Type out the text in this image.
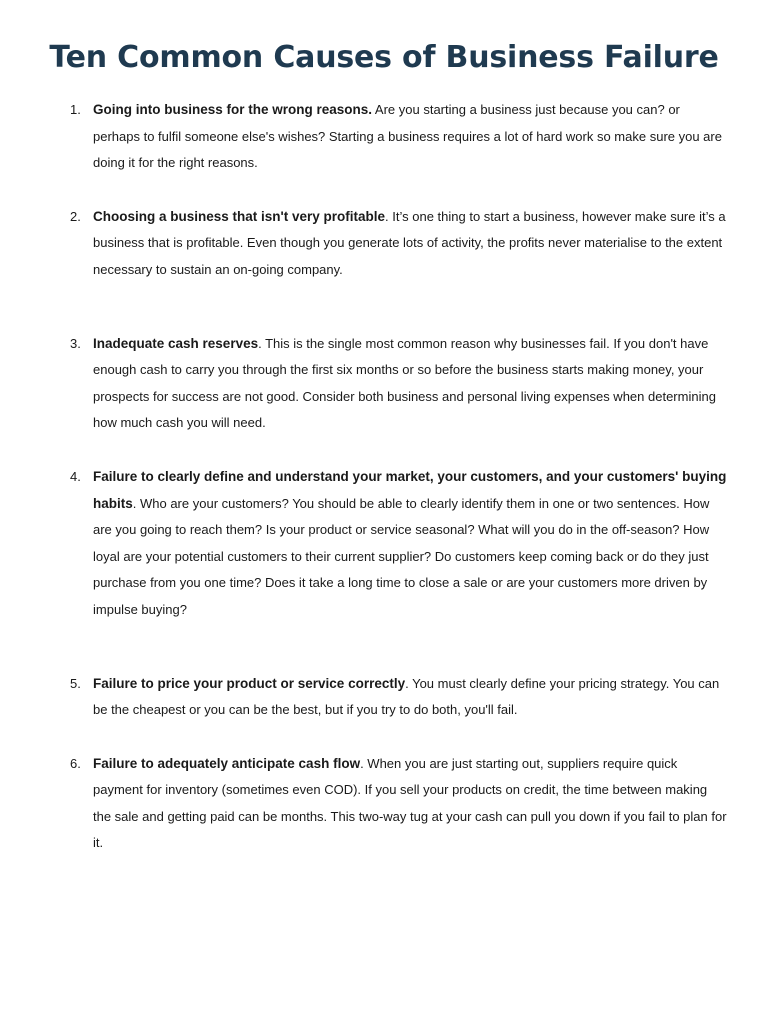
Ten Common Causes of Business Failure
1. Going into business for the wrong reasons. Are you starting a business just because you can? or perhaps to fulfil someone else's wishes? Starting a business requires a lot of hard work so make sure you are doing it for the right reasons.
2. Choosing a business that isn't very profitable. It’s one thing to start a business, however make sure it’s a business that is profitable. Even though you generate lots of activity, the profits never materialise to the extent necessary to sustain an on-going company.
3. Inadequate cash reserves. This is the single most common reason why businesses fail. If you don't have enough cash to carry you through the first six months or so before the business starts making money, your prospects for success are not good. Consider both business and personal living expenses when determining how much cash you will need.
4. Failure to clearly define and understand your market, your customers, and your customers' buying habits. Who are your customers? You should be able to clearly identify them in one or two sentences. How are you going to reach them? Is your product or service seasonal? What will you do in the off-season? How loyal are your potential customers to their current supplier? Do customers keep coming back or do they just purchase from you one time? Does it take a long time to close a sale or are your customers more driven by impulse buying?
5. Failure to price your product or service correctly. You must clearly define your pricing strategy. You can be the cheapest or you can be the best, but if you try to do both, you'll fail.
6. Failure to adequately anticipate cash flow. When you are just starting out, suppliers require quick payment for inventory (sometimes even COD). If you sell your products on credit, the time between making the sale and getting paid can be months. This two-way tug at your cash can pull you down if you fail to plan for it.
